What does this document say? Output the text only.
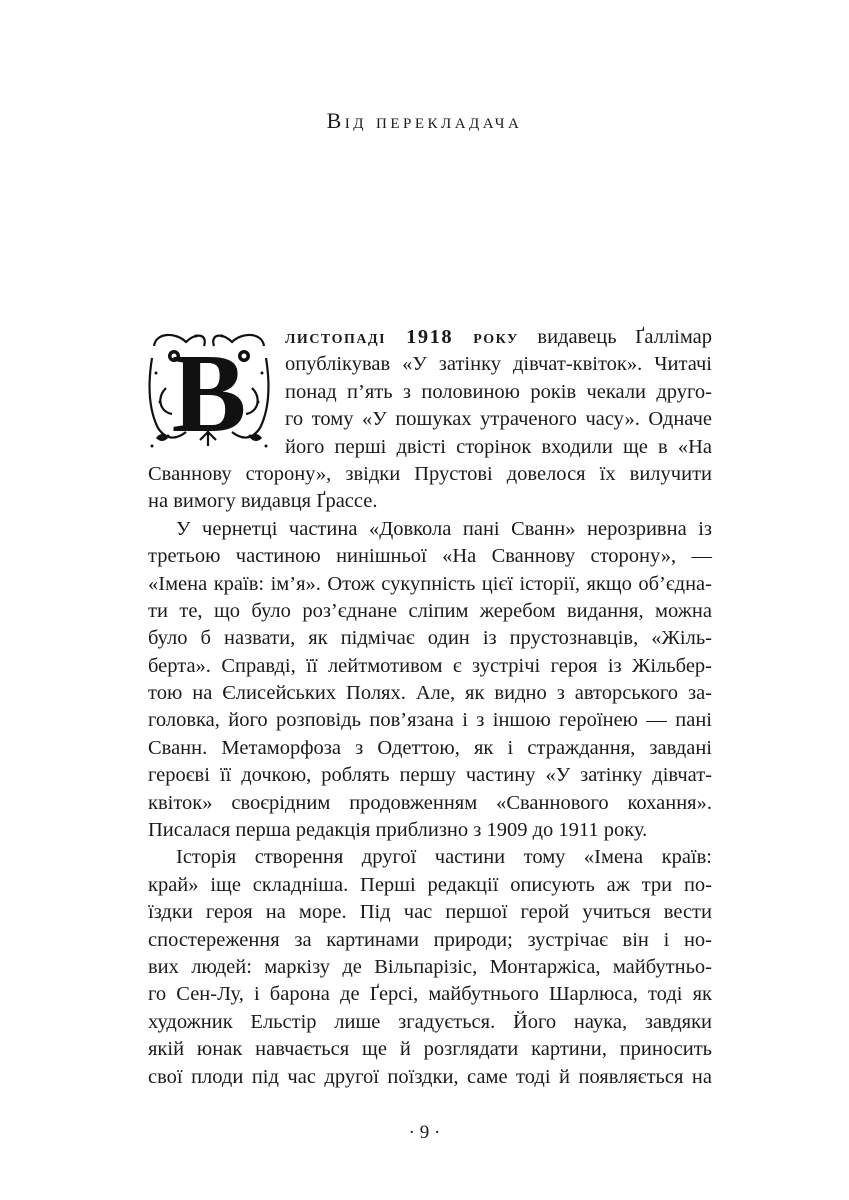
Від перекладача
В листопаді 1918 року видавець Ґаллімар
опублікував «У затінку дівчат-квіток». Читачі
понад п’ять з половиною років чекали друго-
го тому «У пошуках утраченого часу». Одначе
його перші двісті сторінок входили ще в «На
Сваннову сторону», звідки Прустові довелося їх вилучити
на вимогу видавця Ґрассе.
У чернетці частина «Довкола пані Сванн» нерозривна із
третьою частиною нинішньої «На Сваннову сторону», —
«Імена країв: ім’я». Отож сукупність цієї історії, якщо об’єдна-
ти те, що було роз’єднане сліпим жеребом видання, можна
було б назвати, як підмічає один із прустознавців, «Жіль-
берта». Справді, її лейтмотивом є зустрічі героя із Жільбер-
тою на Єлисейських Полях. Але, як видно з авторського за-
головка, його розповідь пов’язана і з іншою героїнею — пані
Сванн. Метаморфоза з Одеттою, як і страждання, завдані
героєві її дочкою, роблять першу частину «У затінку дівчат-
квіток» своєрідним продовженням «Сваннового кохання».
Писалася перша редакція приблизно з 1909 до 1911 року.
Історія створення другої частини тому «Імена країв:
край» іще складніша. Перші редакції описують аж три по-
їздки героя на море. Під час першої герой учиться вести
спостереження за картинами природи; зустрічає він і но-
вих людей: маркізу де Вільпарізіс, Монтаржіса, майбутньо-
го Сен-Лу, і барона де Ґерсі, майбутнього Шарлюса, тоді як
художник Ельстір лише згадується. Його наука, завдяки
якій юнак навчається ще й розглядати картини, приносить
свої плоди під час другої поїздки, саме тоді й появляється на
· 9 ·
